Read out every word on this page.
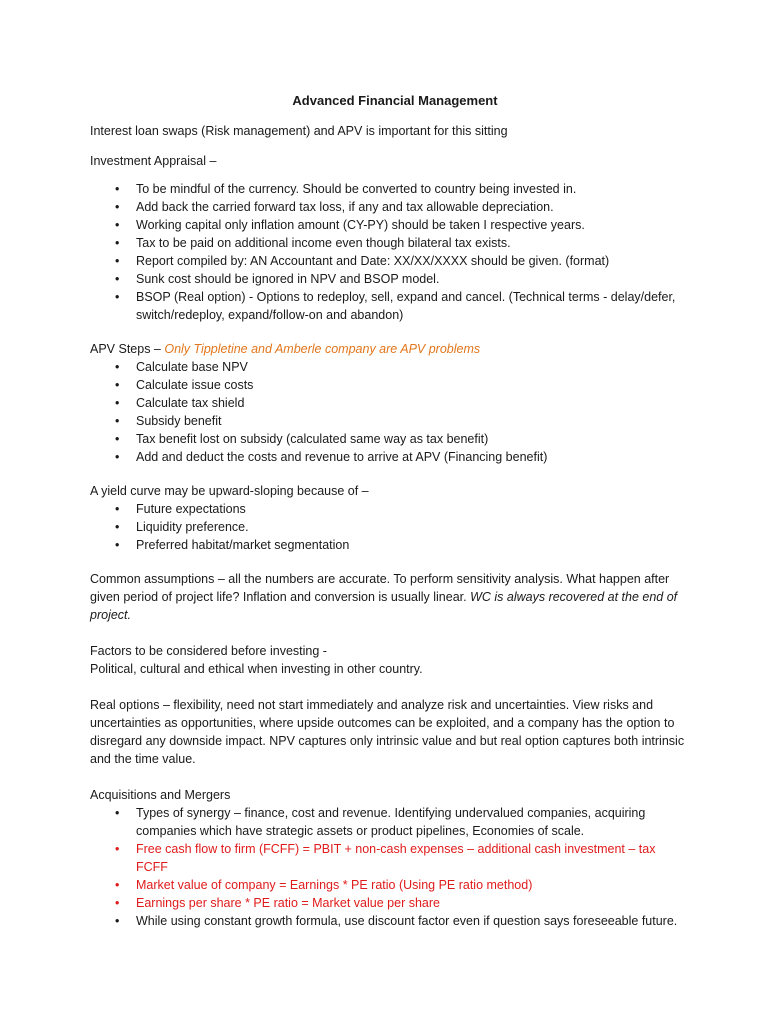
Advanced Financial Management

Interest loan swaps (Risk management) and APV is important for this sitting

Investment Appraisal –

• To be mindful of the currency. Should be converted to country being invested in.
• Add back the carried forward tax loss, if any and tax allowable depreciation.
• Working capital only inflation amount (CY-PY) should be taken I respective years.
• Tax to be paid on additional income even though bilateral tax exists.
• Report compiled by: AN Accountant and Date: XX/XX/XXXX should be given. (format)
• Sunk cost should be ignored in NPV and BSOP model.
• BSOP (Real option) - Options to redeploy, sell, expand and cancel. (Technical terms - delay/defer, switch/redeploy, expand/follow-on and abandon)

APV Steps – Only Tippletine and Amberle company are APV problems

• Calculate base NPV
• Calculate issue costs
• Calculate tax shield
• Subsidy benefit
• Tax benefit lost on subsidy (calculated same way as tax benefit)
• Add and deduct the costs and revenue to arrive at APV (Financing benefit)

A yield curve may be upward-sloping because of –

• Future expectations
• Liquidity preference.
• Preferred habitat/market segmentation

Common assumptions – all the numbers are accurate. To perform sensitivity analysis. What happen after given period of project life? Inflation and conversion is usually linear. WC is always recovered at the end of project.

Factors to be considered before investing -

Political, cultural and ethical when investing in other country.

Real options – flexibility, need not start immediately and analyze risk and uncertainties. View risks and uncertainties as opportunities, where upside outcomes can be exploited, and a company has the option to disregard any downside impact. NPV captures only intrinsic value and but real option captures both intrinsic and the time value.

Acquisitions and Mergers

• Types of synergy – finance, cost and revenue. Identifying undervalued companies, acquiring companies which have strategic assets or product pipelines, Economies of scale.
• Free cash flow to firm (FCFF) = PBIT + non-cash expenses – additional cash investment – tax FCFF
• Market value of company = Earnings * PE ratio (Using PE ratio method)
• Earnings per share * PE ratio = Market value per share
• While using constant growth formula, use discount factor even if question says foreseeable future.
